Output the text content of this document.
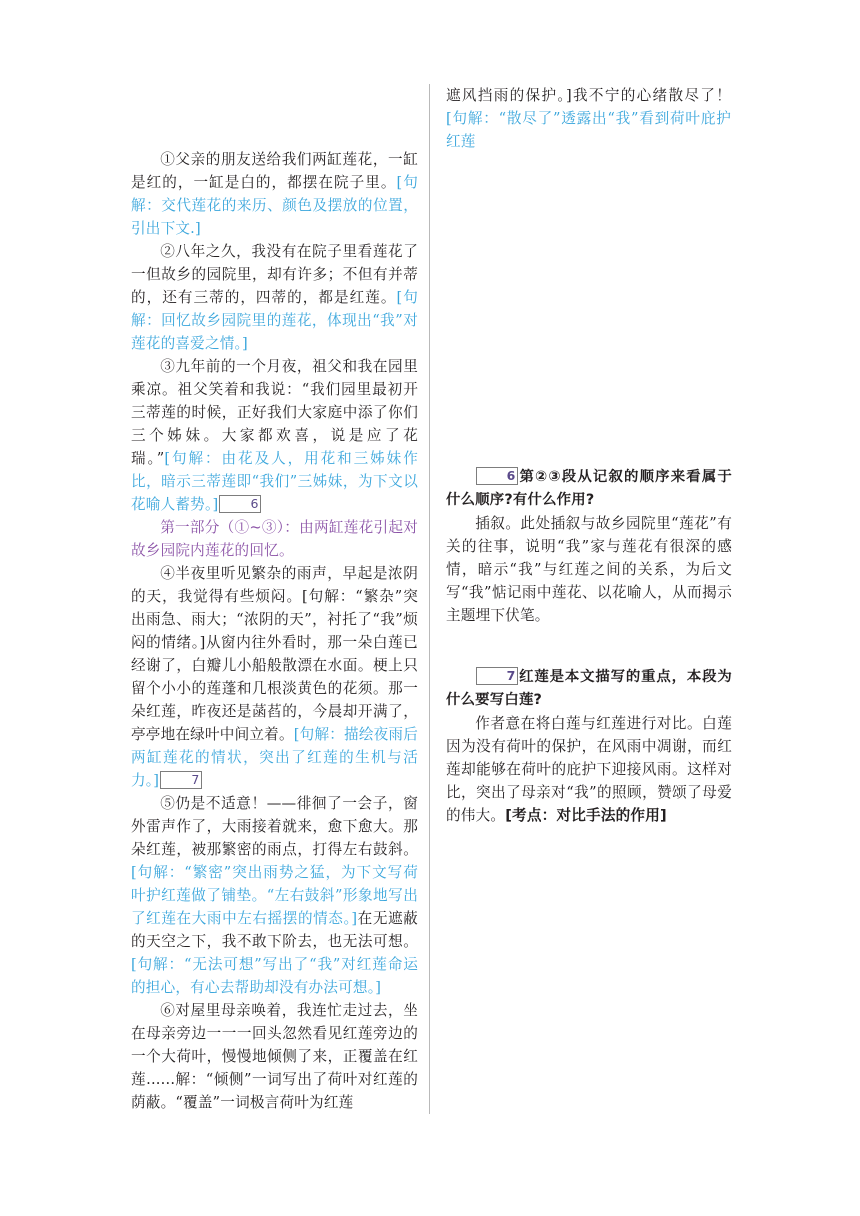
①父亲的朋友送给我们两缸莲花，一缸是红的，一缸是白的，都摆在院子里。[句解：交代莲花的来历、颜色及摆放的位置，引出下文.]

②八年之久，我没有在院子里看莲花了一但故乡的园院里，却有许多；不但有并蒂的，还有三蒂的，四蒂的，都是红莲。[句解：回忆故乡园院里的莲花，体现出“我”对莲花的喜爱之情。]

③九年前的一个月夜，祖父和我在园里乘凉。祖父笑着和我说：“我们园里最初开三蒂莲的时候，正好我们大家庭中添了你们三个姊妹。大家都欢喜，说是应了花瑞。”[句解：由花及人，用花和三姊妹作比，暗示三蒂莲即“我们”三姊妹，为下文以花喻人蓄势。]	6

第一部分（①~③）：由两缸莲花引起对故乡园院内莲花的回忆。

④半夜里听见繁杂的雨声，早起是浓阴的天，我觉得有些烦闷。[句解：“繁杂”突出雨急、雨大；“浓阴的天”，衬托了“我”烦闷的情绪。]从窗内往外看时，那一朵白莲已经谢了，白瓣儿小船般散漂在水面。梗上只留个小小的莲蓬和几根淡黄色的花须。那一朵红莲，昨夜还是菡萏的，今晨却开满了，亭亭地在绿叶中间立着。[句解：描绘夜雨后两缸莲花的情状，突出了红莲的生机与活力。]	7

⑤仍是不适意！——徘徊了一会子，窗外雷声作了，大雨接着就来，愈下愈大。那朵红莲，被那繁密的雨点，打得左右鼓斜。[句解：“繁密”突出雨势之猛，为下文写荷叶护红莲做了铺垫。“左右鼓斜”形象地写出了红莲在大雨中左右摇摆的情态。]在无遮蔽的天空之下，我不敢下阶去，也无法可想。[句解：“无法可想”写出了“我”对红莲命运的担心，有心去帮助却没有办法可想。]

⑥对屋里母亲唤着，我连忙走过去，坐在母亲旁边一一一回头忽然看见红莲旁边的一个大荷叶，慢慢地倾侧了来，正覆盖在红莲......解：“倾侧”一词写出了荷叶对红莲的荫蔽。“覆盖”一词极言荷叶为红莲

遮风挡雨的保护。]我不宁的心绪散尽了！[句解：“散尽了”透露出“我”看到荷叶庇护红莲

6 第②③段从记叙的顺序来看属于什么顺序?有什么作用?

插叙。此处插叙与故乡园院里“莲花”有关的往事，说明“我”家与莲花有很深的感情，暗示“我”与红莲之间的关系，为后文写“我”惦记雨中莲花、以花喻人，从而揭示主题埋下伏笔。

7 红莲是本文描写的重点，本段为什么要写白莲?

作者意在将白莲与红莲进行对比。白莲因为没有荷叶的保护，在风雨中凋谢，而红莲却能够在荷叶的庇护下迎接风雨。这样对比，突出了母亲对“我”的照顾，赞颂了母爱的伟大。[考点：对比手法的作用]
